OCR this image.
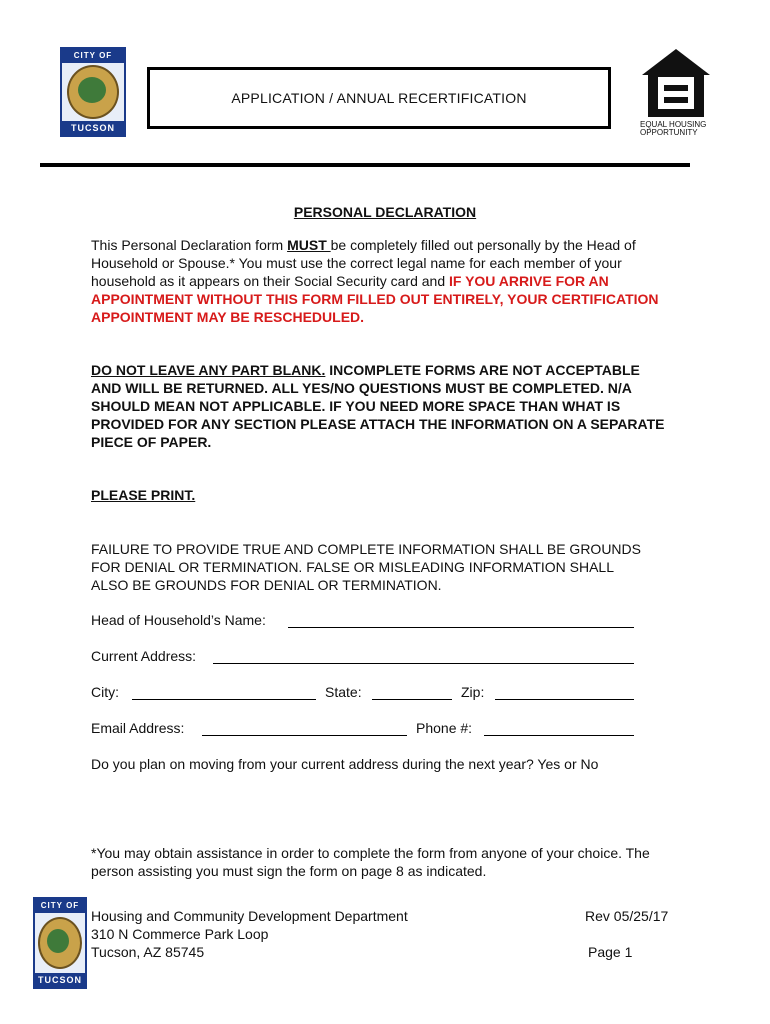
CITY OF
TUCSON
APPLICATION / ANNUAL RECERTIFICATION
EQUAL HOUSING
OPPORTUNITY
PERSONAL DECLARATION
This Personal Declaration form MUST be completely filled out personally by the Head of Household or Spouse.* You must use the correct legal name for each member of your household as it appears on their Social Security card and IF YOU ARRIVE FOR AN APPOINTMENT WITHOUT THIS FORM FILLED OUT ENTIRELY, YOUR CERTIFICATION APPOINTMENT MAY BE RESCHEDULED.
DO NOT LEAVE ANY PART BLANK. INCOMPLETE FORMS ARE NOT ACCEPTABLE AND WILL BE RETURNED. ALL YES/NO QUESTIONS MUST BE COMPLETED. N/A SHOULD MEAN NOT APPLICABLE. IF YOU NEED MORE SPACE THAN WHAT IS PROVIDED FOR ANY SECTION PLEASE ATTACH THE INFORMATION ON A SEPARATE PIECE OF PAPER.
PLEASE PRINT.
FAILURE TO PROVIDE TRUE AND COMPLETE INFORMATION SHALL BE GROUNDS FOR DENIAL OR TERMINATION. FALSE OR MISLEADING INFORMATION SHALL ALSO BE GROUNDS FOR DENIAL OR TERMINATION.
Head of Household’s Name:
Current Address:
City:	State:	Zip:
Email Address:	Phone #:
Do you plan on moving from your current address during the next year? Yes or No
*You may obtain assistance in order to complete the form from anyone of your choice. The person assisting you must sign the form on page 8 as indicated.
CITY OF
TUCSON
Housing and Community Development Department
310 N Commerce Park Loop
Tucson, AZ 85745
Rev 05/25/17
Page 1
